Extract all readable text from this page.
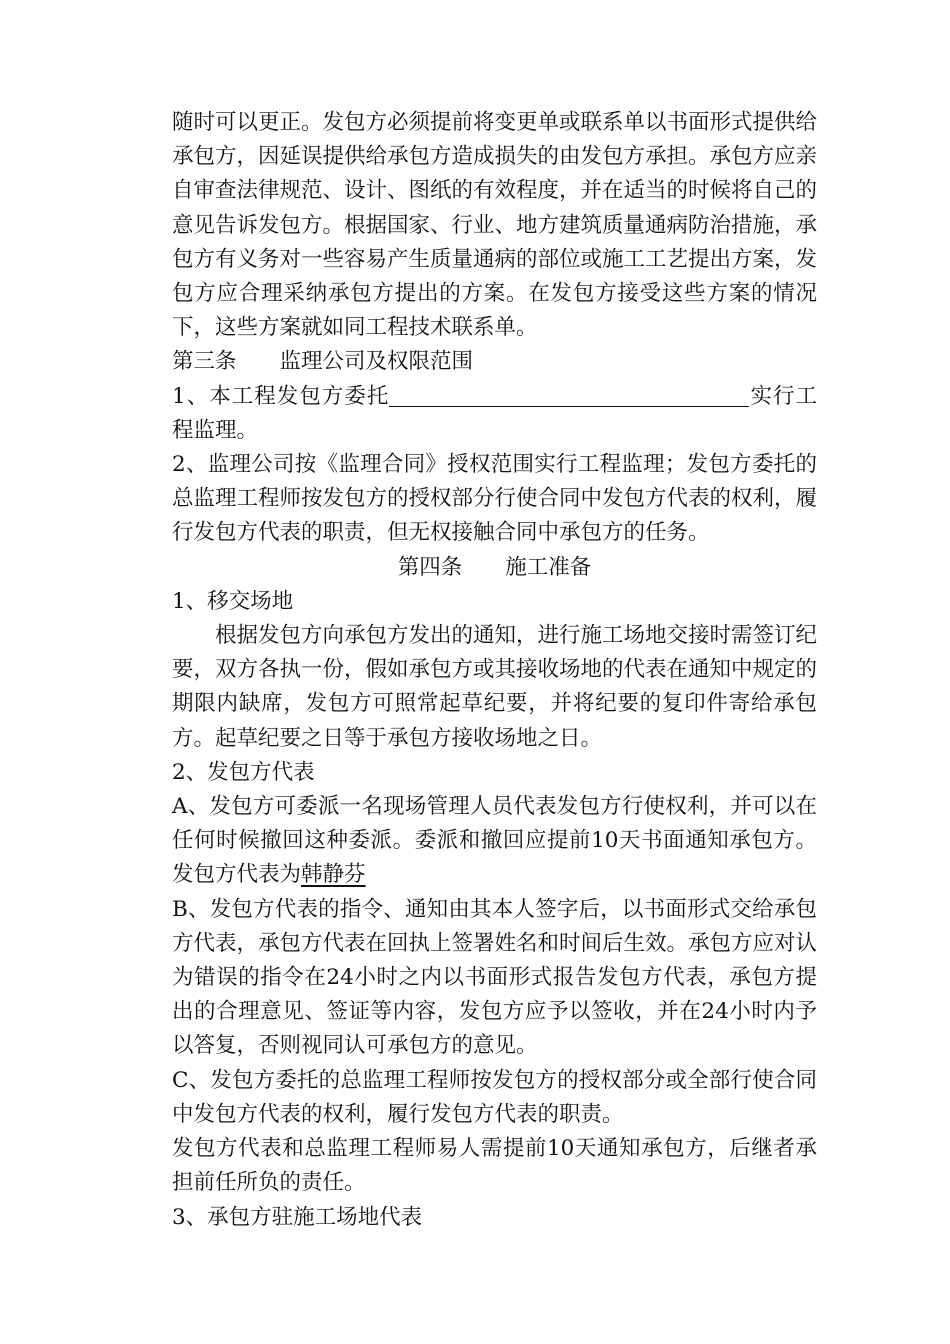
随时可以更正。发包方必须提前将变更单或联系单以书面形式提供给承包方，因延误提供给承包方造成损失的由发包方承担。承包方应亲自审查法律规范、设计、图纸的有效程度，并在适当的时候将自己的意见告诉发包方。根据国家、行业、地方建筑质量通病防治措施，承包方有义务对一些容易产生质量通病的部位或施工工艺提出方案，发包方应合理采纳承包方提出的方案。在发包方接受这些方案的情况下，这些方案就如同工程技术联系单。

第三条 监理公司及权限范围

1、本工程发包方委托	实行工程监理。

2、监理公司按《监理合同》授权范围实行工程监理；发包方委托的总监理工程师按发包方的授权部分行使合同中发包方代表的权利，履行发包方代表的职责，但无权接触合同中承包方的任务。

第四条 施工准备

1、移交场地

根据发包方向承包方发出的通知，进行施工场地交接时需签订纪要，双方各执一份，假如承包方或其接收场地的代表在通知中规定的期限内缺席，发包方可照常起草纪要，并将纪要的复印件寄给承包方。起草纪要之日等于承包方接收场地之日。

2、发包方代表

A、发包方可委派一名现场管理人员代表发包方行使权利，并可以在任何时候撤回这种委派。委派和撤回应提前10天书面通知承包方。发包方代表为韩静芬

B、发包方代表的指令、通知由其本人签字后，以书面形式交给承包方代表，承包方代表在回执上签署姓名和时间后生效。承包方应对认为错误的指令在24小时之内以书面形式报告发包方代表，承包方提出的合理意见、签证等内容，发包方应予以签收，并在24小时内予以答复，否则视同认可承包方的意见。

C、发包方委托的总监理工程师按发包方的授权部分或全部行使合同中发包方代表的权利，履行发包方代表的职责。

发包方代表和总监理工程师易人需提前10天通知承包方，后继者承担前任所负的责任。

3、承包方驻施工场地代表
